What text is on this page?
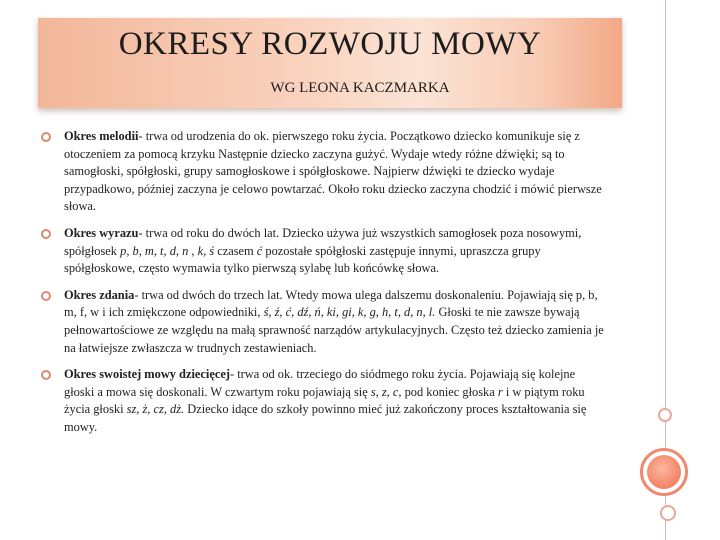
OKRESY ROZWOJU MOWY
WG LEONA KACZMARKA
Okres melodii- trwa od urodzenia do ok. pierwszego roku życia. Początkowo dziecko komunikuje się z otoczeniem za pomocą krzyku Następnie dziecko zaczyna gużyć. Wydaje wtedy różne dźwięki; są to samogłoski, spółgłoski, grupy samogłoskowe i spółgłoskowe. Najpierw dźwięki te dziecko wydaje przypadkowo, później zaczyna je celowo powtarzać. Około roku dziecko zaczyna chodzić i mówić pierwsze słowa.
Okres wyrazu- trwa od roku do dwóch lat. Dziecko używa już wszystkich samogłosek poza nosowymi, spółgłosek p, b, m, t, d, n , k, ś czasem ć pozostałe spółgłoski zastępuje innymi, upraszcza grupy spółgłoskowe, często wymawia tylko pierwszą sylabę lub końcówkę słowa.
Okres zdania- trwa od dwóch do trzech lat. Wtedy mowa ulega dalszemu doskonaleniu. Pojawiają się p, b, m, f, w i ich zmiękczone odpowiedniki, ś, ź, ć, dź, ń, ki, gi, k, g, h, t, d, n, l. Głoski te nie zawsze bywają pełnowartościowe ze względu na małą sprawność narządów artykulacyjnych. Często też dziecko zamienia je na łatwiejsze zwłaszcza w trudnych zestawieniach.
Okres swoistej mowy dziecięcej- trwa od ok. trzeciego do siódmego roku życia. Pojawiają się kolejne głoski a mowa się doskonali. W czwartym roku pojawiają się s, z, c, pod koniec głoska r i w piątym roku życia głoski sz, ż, cz, dż. Dziecko idące do szkoły powinno mieć już zakończony proces kształtowania się mowy.
